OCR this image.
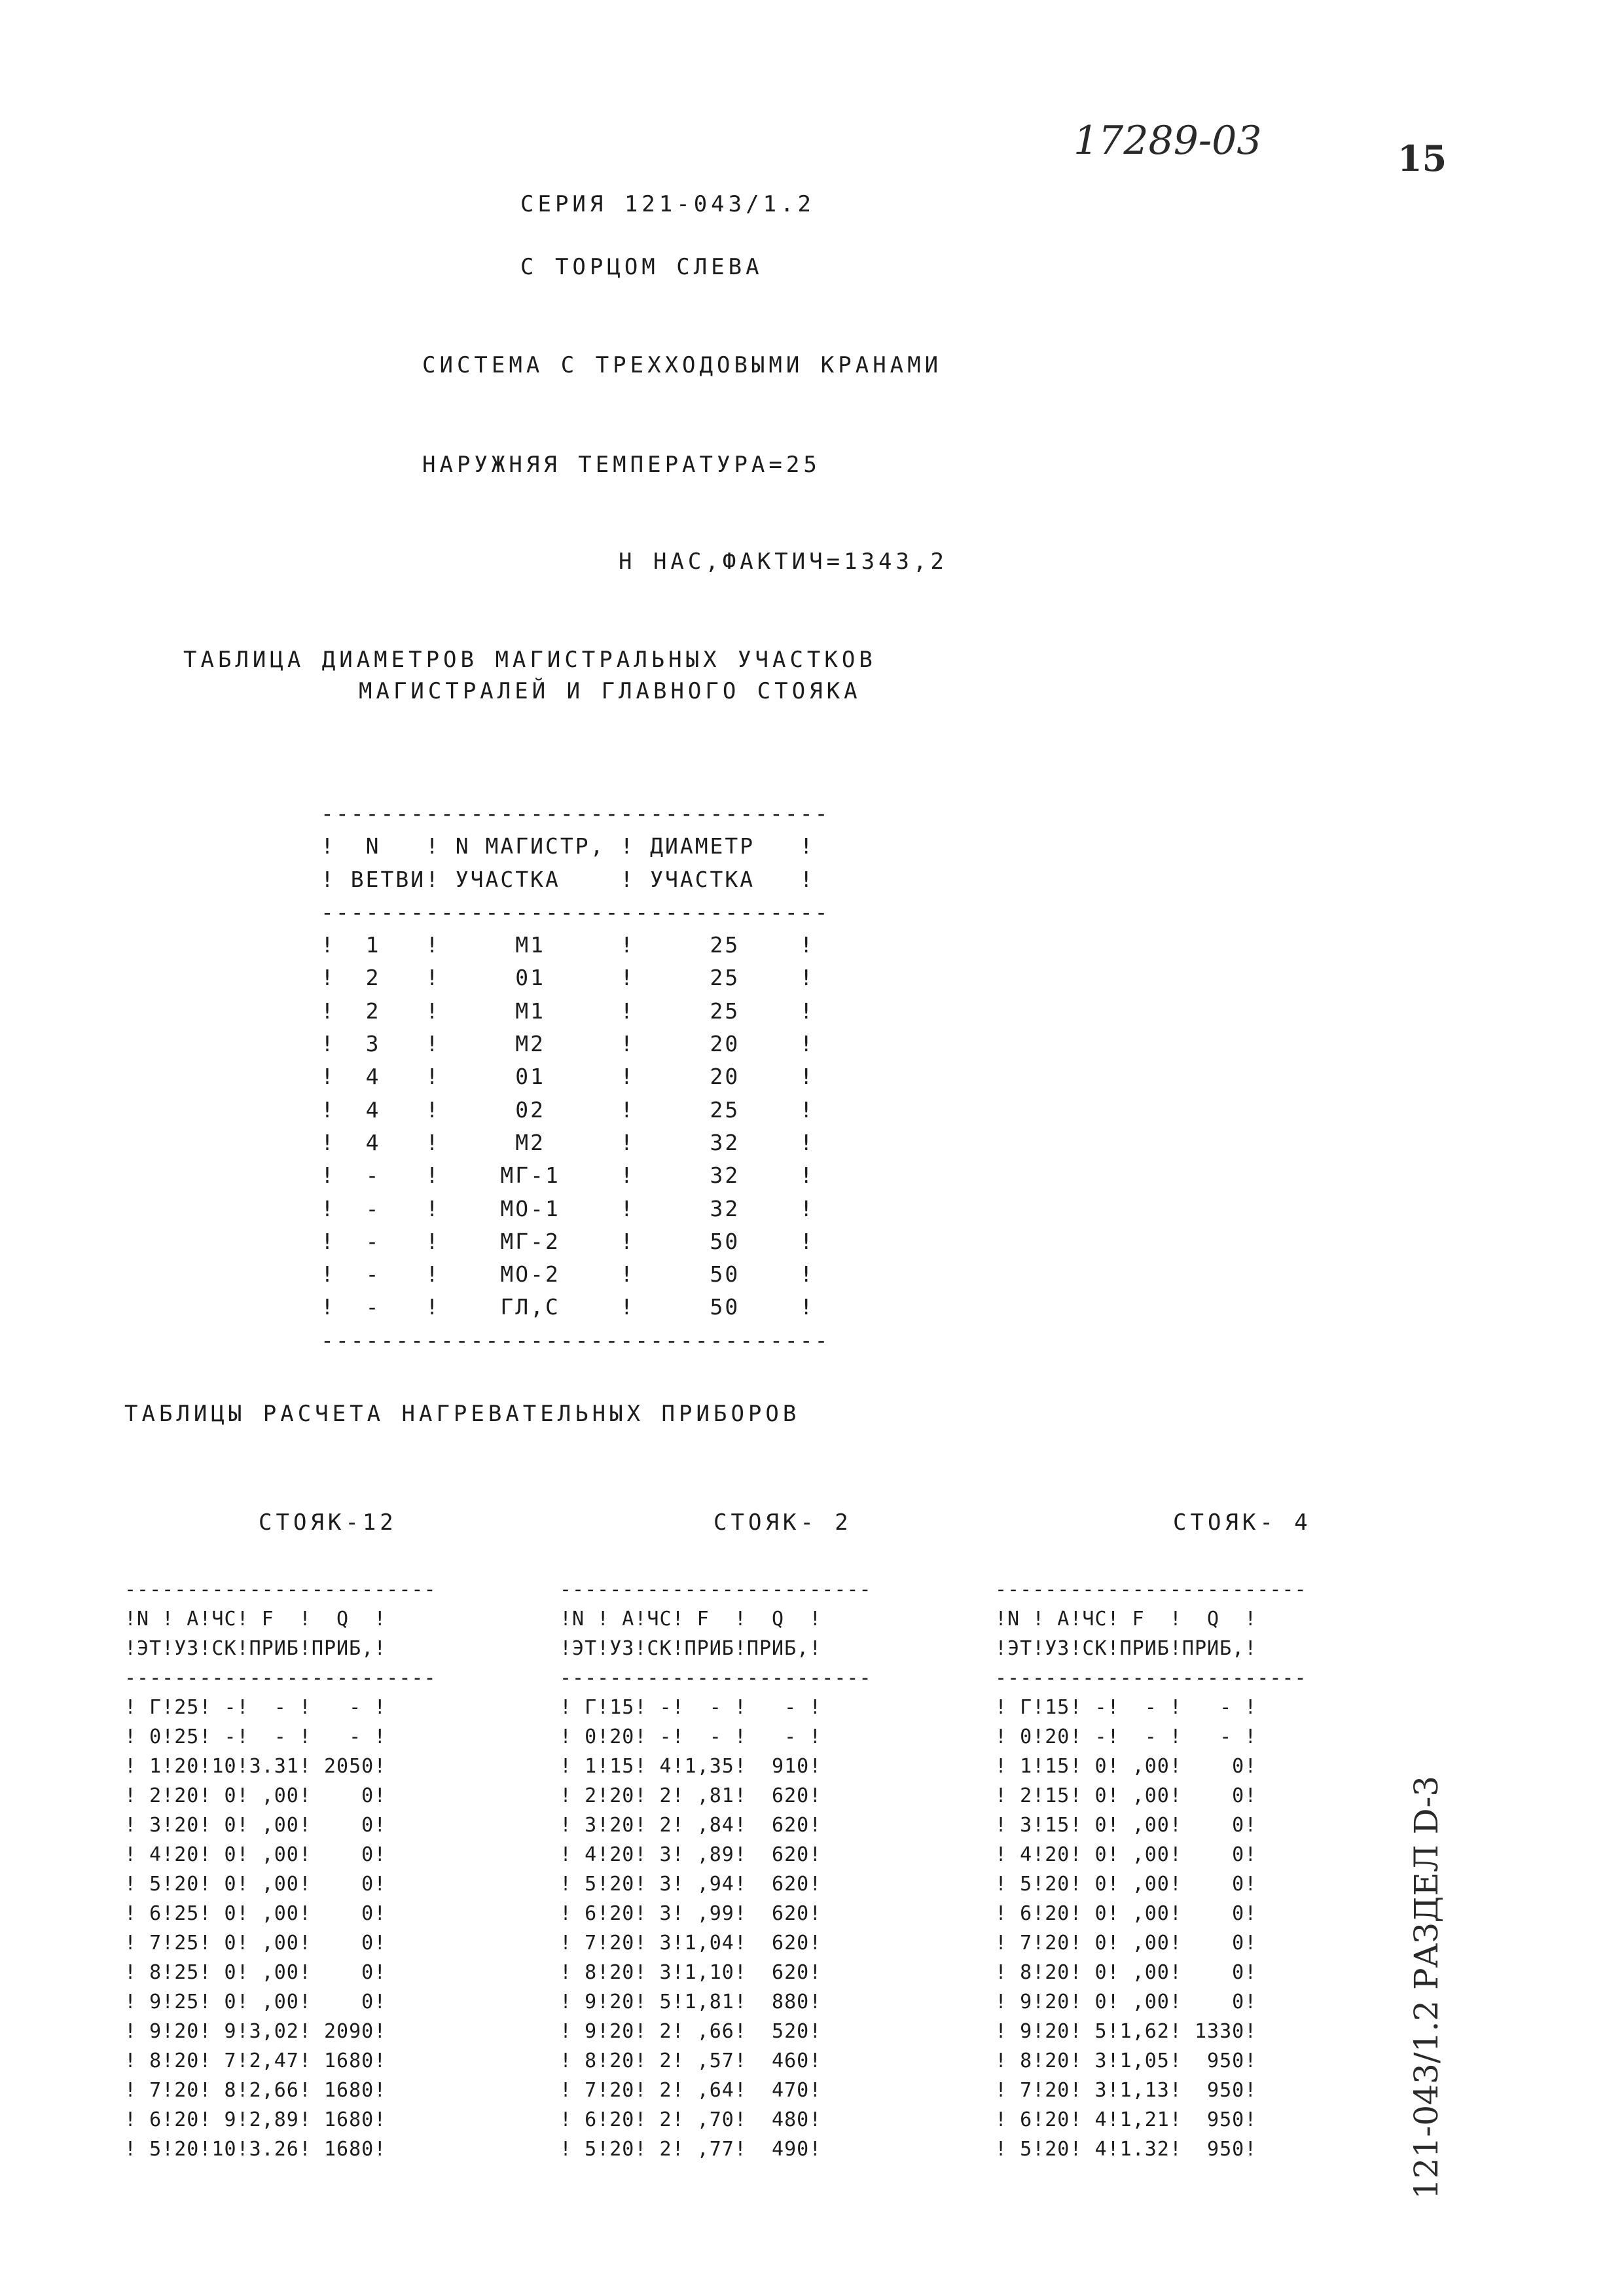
17289-03	15
СЕРИЯ 121-043/1.2
С ТОРЦОМ СЛЕВА
СИСТЕМА С ТРЕХХОДОВЫМИ КРАНАМИ
НАРУЖНЯЯ ТЕМПЕРАТУРА=25
Н НАС,ФАКТИЧ=1343,2
ТАБЛИЦА ДИАМЕТРОВ МАГИСТРАЛЬНЫХ УЧАСТКОВ
МАГИСТРАЛЕЙ И ГЛАВНОГО СТОЯКА

----------------------------------
!  N   ! N МАГИСТР, ! ДИАМЕТР   !
! ВЕТВИ! УЧАСТКА    ! УЧАСТКА   !
----------------------------------
!  1   !     М1     !     25    !
!  2   !     01     !     25    !
!  2   !     М1     !     25    !
!  3   !     М2     !     20    !
!  4   !     01     !     20    !
!  4   !     02     !     25    !
!  4   !     М2     !     32    !
!  -   !    МГ-1    !     32    !
!  -   !    МО-1    !     32    !
!  -   !    МГ-2    !     50    !
!  -   !    МО-2    !     50    !
!  -   !    ГЛ,С    !     50    !
----------------------------------

ТАБЛИЦЫ РАСЧЕТА НАГРЕВАТЕЛЬНЫХ ПРИБОРОВ

СТОЯК-12

-------------------------
!N ! А!ЧС! F  !  Q  !
!ЭТ!УЗ!СК!ПРИБ!ПРИБ,!
-------------------------
! Г!25! -!  - !   - !
! 0!25! -!  - !   - !
! 1!20!10!3.31! 2050!
! 2!20! 0! ,00!    0!
! 3!20! 0! ,00!    0!
! 4!20! 0! ,00!    0!
! 5!20! 0! ,00!    0!
! 6!25! 0! ,00!    0!
! 7!25! 0! ,00!    0!
! 8!25! 0! ,00!    0!
! 9!25! 0! ,00!    0!
! 9!20! 9!3,02! 2090!
! 8!20! 7!2,47! 1680!
! 7!20! 8!2,66! 1680!
! 6!20! 9!2,89! 1680!
! 5!20!10!3.26! 1680!

СТОЯК- 2

-------------------------
!N ! А!ЧС! F  !  Q  !
!ЭТ!УЗ!СК!ПРИБ!ПРИБ,!
-------------------------
! Г!15! -!  - !   - !
! 0!20! -!  - !   - !
! 1!15! 4!1,35!  910!
! 2!20! 2! ,81!  620!
! 3!20! 2! ,84!  620!
! 4!20! 3! ,89!  620!
! 5!20! 3! ,94!  620!
! 6!20! 3! ,99!  620!
! 7!20! 3!1,04!  620!
! 8!20! 3!1,10!  620!
! 9!20! 5!1,81!  880!
! 9!20! 2! ,66!  520!
! 8!20! 2! ,57!  460!
! 7!20! 2! ,64!  470!
! 6!20! 2! ,70!  480!
! 5!20! 2! ,77!  490!

СТОЯК- 4

-------------------------
!N ! А!ЧС! F  !  Q  !
!ЭТ!УЗ!СК!ПРИБ!ПРИБ,!
-------------------------
! Г!15! -!  - !   - !
! 0!20! -!  - !   - !
! 1!15! 0! ,00!    0!
! 2!15! 0! ,00!    0!
! 3!15! 0! ,00!    0!
! 4!20! 0! ,00!    0!
! 5!20! 0! ,00!    0!
! 6!20! 0! ,00!    0!
! 7!20! 0! ,00!    0!
! 8!20! 0! ,00!    0!
! 9!20! 0! ,00!    0!
! 9!20! 5!1,62! 1330!
! 8!20! 3!1,05!  950!
! 7!20! 3!1,13!  950!
! 6!20! 4!1,21!  950!
! 5!20! 4!1.32!  950!	121-043/1.2 РАЗДЕЛ D-3
